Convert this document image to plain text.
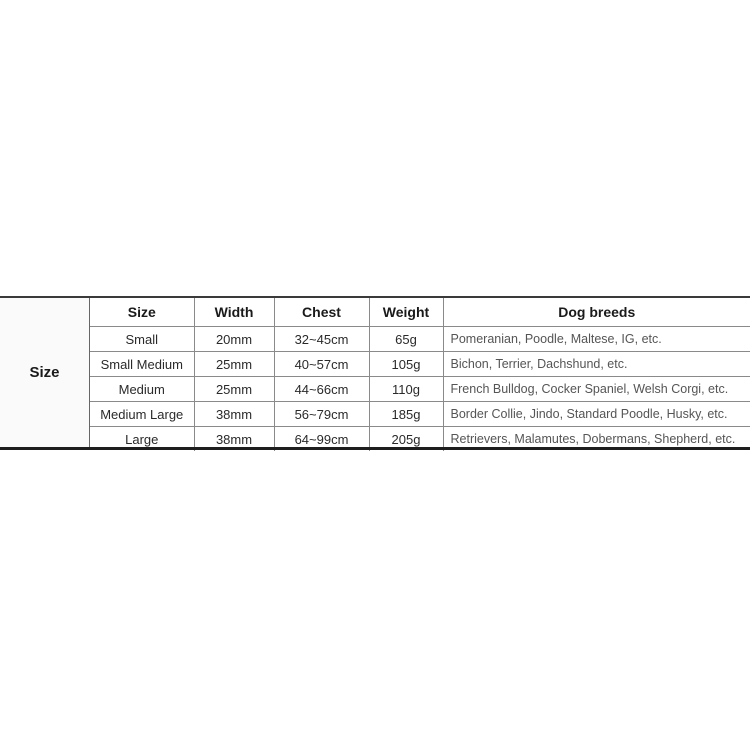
Size
Size	Width	Chest	Weight	Dog breeds
Small	20mm	32~45cm	65g	Pomeranian, Poodle, Maltese, IG, etc.
Small Medium	25mm	40~57cm	105g	Bichon, Terrier, Dachshund, etc.
Medium	25mm	44~66cm	110g	French Bulldog, Cocker Spaniel, Welsh Corgi, etc.
Medium Large	38mm	56~79cm	185g	Border Collie, Jindo, Standard Poodle, Husky, etc.
Large	38mm	64~99cm	205g	Retrievers, Malamutes, Dobermans, Shepherd, etc.
